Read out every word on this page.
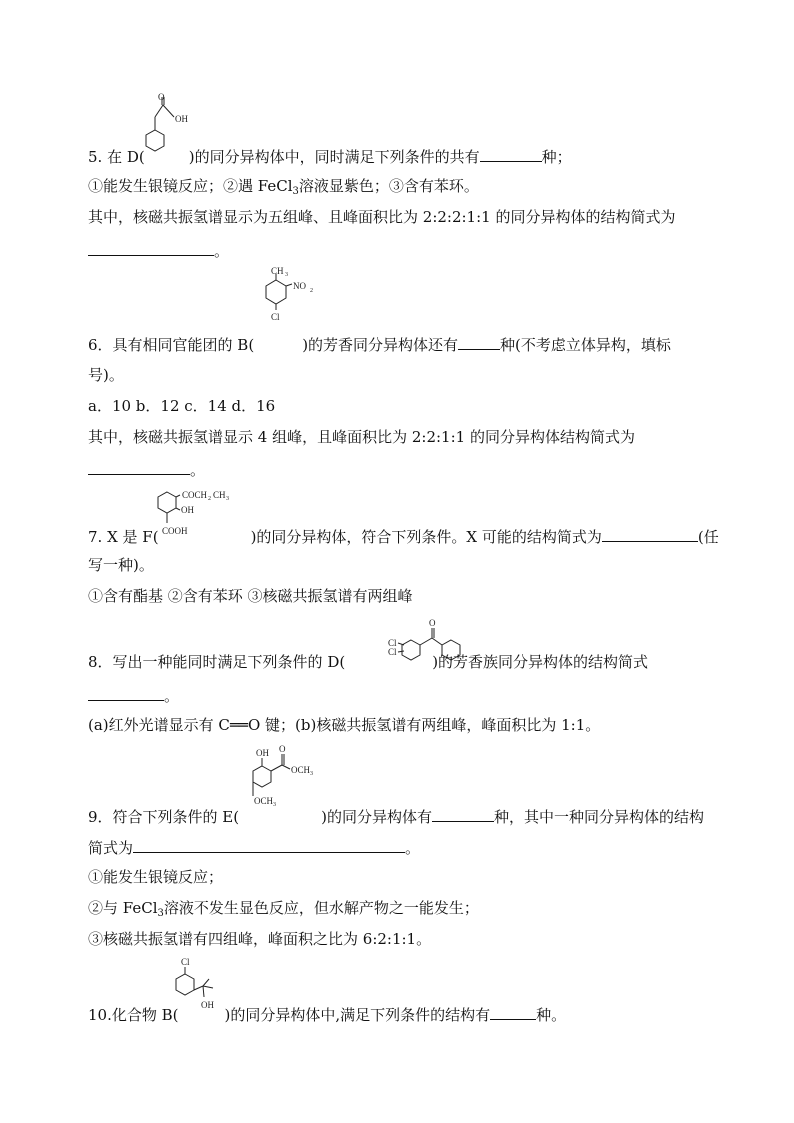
O
OH
5. 在 D(	)的同分异构体中，同时满足下列条件的共有	种；
①能发生银镜反应；②遇 FeCl$_3$溶液显紫色；③含有苯环。
其中，核磁共振氢谱显示为五组峰、且峰面积比为 2:2:2:1:1 的同分异构体的结构简式为
。
CH 3
NO 2
Cl
6．具有相同官能团的 B(	)的芳香同分异构体还有	种(不考虑立体异构，填标
号)。
a．10 b．12 c．14 d．16
其中，核磁共振氢谱显示 4 组峰，且峰面积比为 2:2:1:1 的同分异构体结构简式为
。
COCH 2 CH 3
OH
COOH
7. X 是 F(	)的同分异构体，符合下列条件。X 可能的结构简式为	(任
写一种)。
①含有酯基 ②含有苯环 ③核磁共振氢谱有两组峰
Cl
Cl
O
8．写出一种能同时满足下列条件的 D(	)的芳香族同分异构体的结构简式
。
(a)红外光谱显示有 C══O 键；(b)核磁共振氢谱有两组峰，峰面积比为 1:1。
OH O
OCH 3
OCH 3
9．符合下列条件的 E(	)的同分异构体有	种，其中一种同分异构体的结构
简式为	。
①能发生银镜反应；
②与 FeCl$_3$溶液不发生显色反应，但水解产物之一能发生；
③核磁共振氢谱有四组峰，峰面积之比为 6:2:1:1。
Cl
OH
10.化合物 B(	)的同分异构体中,满足下列条件的结构有	种。
